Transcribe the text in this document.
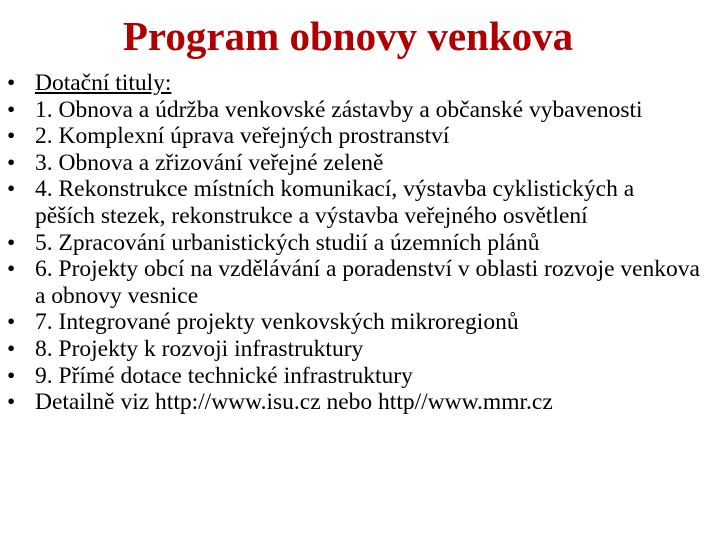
Program obnovy venkova
• Dotační tituly:
• 1. Obnova a údržba venkovské zástavby a občanské vybavenosti
• 2. Komplexní úprava veřejných prostranství
• 3. Obnova a zřizování veřejné zeleně
• 4. Rekonstrukce místních komunikací, výstavba cyklistických a pěších stezek, rekonstrukce a výstavba veřejného osvětlení
• 5. Zpracování urbanistických studií a územních plánů
• 6. Projekty obcí na vzdělávání a poradenství v oblasti rozvoje venkova a obnovy vesnice
• 7. Integrované projekty venkovských mikroregionů
• 8. Projekty k rozvoji infrastruktury
• 9. Přímé dotace technické infrastruktury
• Detailně viz http://www.isu.cz nebo http//www.mmr.cz
